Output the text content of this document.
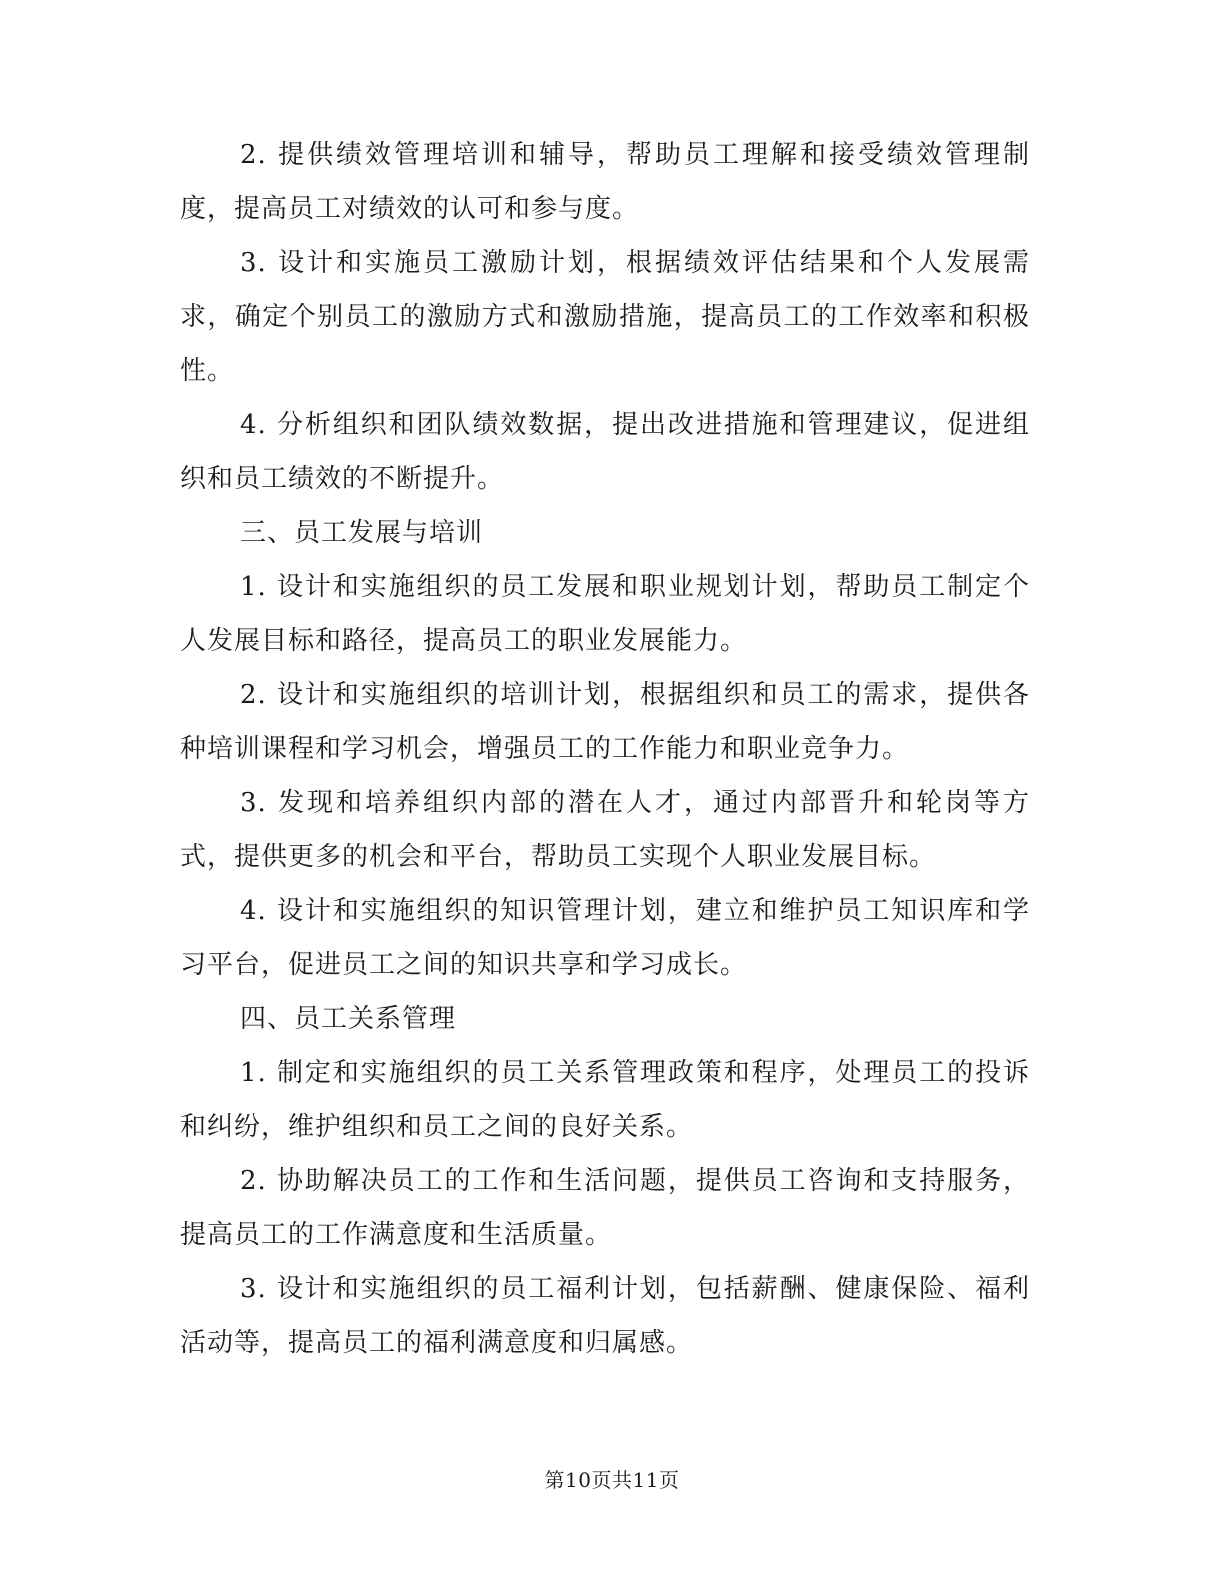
2. 提供绩效管理培训和辅导，帮助员工理解和接受绩效管理制度，提高员工对绩效的认可和参与度。

3. 设计和实施员工激励计划，根据绩效评估结果和个人发展需求，确定个别员工的激励方式和激励措施，提高员工的工作效率和积极性。

4. 分析组织和团队绩效数据，提出改进措施和管理建议，促进组织和员工绩效的不断提升。

三、员工发展与培训

1. 设计和实施组织的员工发展和职业规划计划，帮助员工制定个人发展目标和路径，提高员工的职业发展能力。

2. 设计和实施组织的培训计划，根据组织和员工的需求，提供各种培训课程和学习机会，增强员工的工作能力和职业竞争力。

3. 发现和培养组织内部的潜在人才，通过内部晋升和轮岗等方式，提供更多的机会和平台，帮助员工实现个人职业发展目标。

4. 设计和实施组织的知识管理计划，建立和维护员工知识库和学习平台，促进员工之间的知识共享和学习成长。

四、员工关系管理

1. 制定和实施组织的员工关系管理政策和程序，处理员工的投诉和纠纷，维护组织和员工之间的良好关系。

2. 协助解决员工的工作和生活问题，提供员工咨询和支持服务，提高员工的工作满意度和生活质量。

3. 设计和实施组织的员工福利计划，包括薪酬、健康保险、福利活动等，提高员工的福利满意度和归属感。

第10页共11页
